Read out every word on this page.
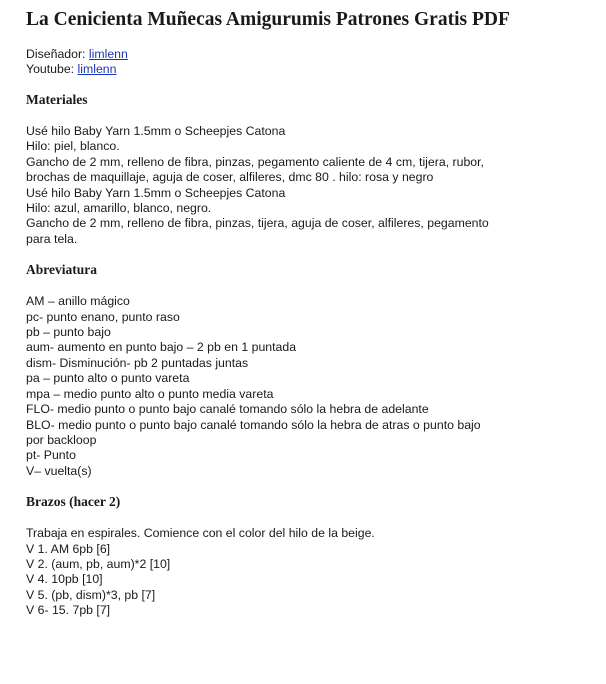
La Cenicienta Muñecas Amigurumis Patrones Gratis PDF
Diseñador: limlenn
Youtube: limlenn
Materiales
Usé hilo Baby Yarn 1.5mm o Scheepjes Catona
Hilo: piel, blanco.
Gancho de 2 mm, relleno de fibra, pinzas, pegamento caliente de 4 cm, tijera, rubor,
brochas de maquillaje, aguja de coser, alfileres, dmc 80 . hilo: rosa y negro
Usé hilo Baby Yarn 1.5mm o Scheepjes Catona
Hilo: azul, amarillo, blanco, negro.
Gancho de 2 mm, relleno de fibra, pinzas, tijera, aguja de coser, alfileres, pegamento
para tela.
Abreviatura
AM – anillo mágico
pc- punto enano, punto raso
pb – punto bajo
aum- aumento en punto bajo – 2 pb en 1 puntada
dism- Disminución- pb 2 puntadas juntas
pa – punto alto o punto vareta
mpa – medio punto alto o punto media vareta
FLO- medio punto o punto bajo canalé tomando sólo la hebra de adelante
BLO- medio punto o punto bajo canalé tomando sólo la hebra de atras o punto bajo
por backloop
pt- Punto
V– vuelta(s)
Brazos (hacer 2)
Trabaja en espirales. Comience con el color del hilo de la beige.
V 1. AM 6pb [6]
V 2. (aum, pb, aum)*2 [10]
V 4. 10pb [10]
V 5. (pb, dism)*3, pb [7]
V 6- 15. 7pb [7]
